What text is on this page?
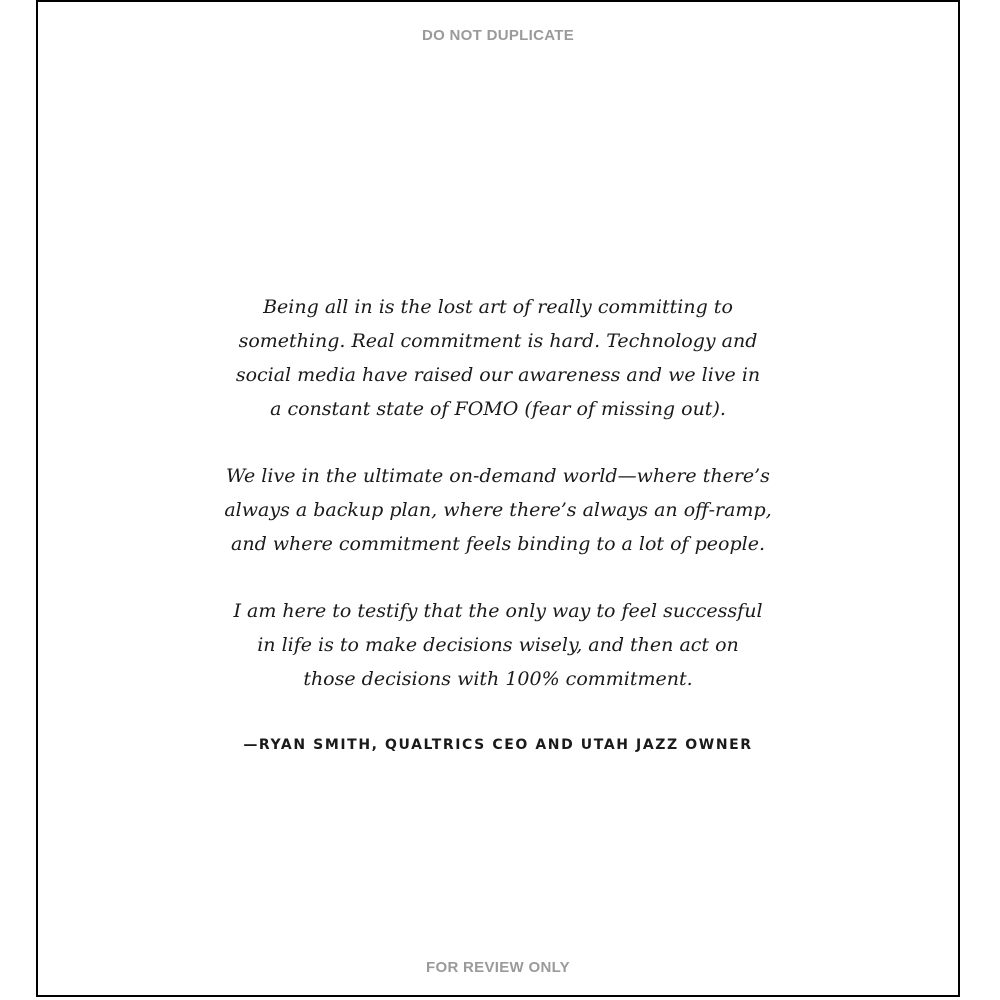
DO NOT DUPLICATE

Being all in is the lost art of really committing to
something. Real commitment is hard. Technology and
social media have raised our awareness and we live in
a constant state of FOMO (fear of missing out).

We live in the ultimate on-demand world—where there’s
always a backup plan, where there’s always an off-ramp,
and where commitment feels binding to a lot of people.

I am here to testify that the only way to feel successful
in life is to make decisions wisely, and then act on
those decisions with 100% commitment.

—RYAN SMITH, QUALTRICS CEO AND UTAH JAZZ OWNER
FOR REVIEW ONLY
